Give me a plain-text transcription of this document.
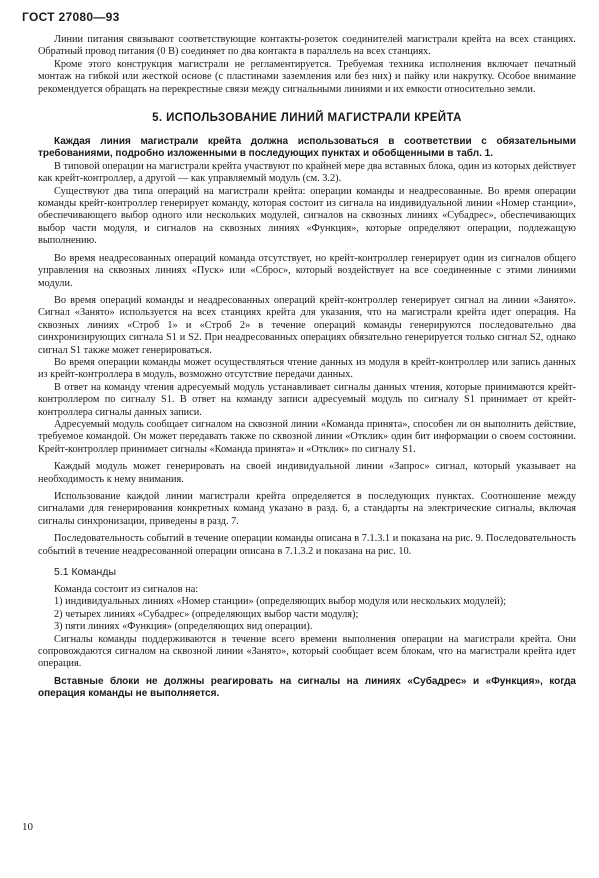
ГОСТ 27080—93

Линии питания связывают соответствующие контакты-розеток соединителей магистрали крейта на всех станциях. Обратный провод питания (0 В) соединяет по два контакта в параллель на всех станциях.

Кроме этого конструкция магистрали не регламентируется. Требуемая техника исполнения включает печатный монтаж на гибкой или жесткой основе (с пластинами заземления или без них) и пайку или накрутку. Особое внимание рекомендуется обращать на перекрестные связи между сигнальными линиями и их емкости относительно земли.

5. ИСПОЛЬЗОВАНИЕ ЛИНИЙ МАГИСТРАЛИ КРЕЙТА

Каждая линия магистрали крейта должна использоваться в соответствии с обязательными требованиями, подробно изложенными в последующих пунктах и обобщенными в табл. 1.

В типовой операции на магистрали крейта участвуют по крайней мере два вставных блока, один из которых действует как крейт-контроллер, а другой — как управляемый модуль (см. 3.2).

Существуют два типа операций на магистрали крейта: операции команды и неадресованные. Во время операции команды крейт-контроллер генерирует команду, которая состоит из сигнала на индивидуальной линии «Номер станции», обеспечивающего выбор одного или нескольких модулей, сигналов на сквозных линиях «Субадрес», обеспечивающих выбор части модуля, и сигналов на сквозных линиях «Функция», которые определяют операции, подлежащую выполнению.

Во время неадресованных операций команда отсутствует, но крейт-контроллер генерирует один из сигналов общего управления на сквозных линиях «Пуск» или «Сброс», который воздействует на все соединенные с этими линиями модули.

Во время операций команды и неадресованных операций крейт-контроллер генерирует сигнал на линии «Занято». Сигнал «Занято» используется на всех станциях крейта для указания, что на магистрали крейта идет операция. На сквозных линиях «Строб 1» и «Строб 2» в течение операций команды генерируются последовательно два синхронизирующих сигнала S1 и S2. При неадресованных операциях обязательно генерируется только сигнал S2, однако сигнал S1 также может генерироваться.

Во время операции команды может осуществляться чтение данных из модуля в крейт-контроллер или запись данных из крейт-контроллера в модуль, возможно отсутствие передачи данных.

В ответ на команду чтения адресуемый модуль устанавливает сигналы данных чтения, которые принимаются крейт-контроллером по сигналу S1. В ответ на команду записи адресуемый модуль по сигналу S1 принимает от крейт-контроллера сигналы данных записи.

Адресуемый модуль сообщает сигналом на сквозной линии «Команда принята», способен ли он выполнить действие, требуемое командой. Он может передавать также по сквозной линии «Отклик» один бит информации о своем состоянии. Крейт-контроллер принимает сигналы «Команда принята» и «Отклик» по сигналу S1.

Каждый модуль может генерировать на своей индивидуальной линии «Запрос» сигнал, который указывает на необходимость к нему внимания.

Использование каждой линии магистрали крейта определяется в последующих пунктах. Соотношение между сигналами для генерирования конкретных команд указано в разд. 6, а стандарты на электрические сигналы, включая сигналы синхронизации, приведены в разд. 7.

Последовательность событий в течение операции команды описана в 7.1.3.1 и показана на рис. 9. Последовательность событий в течение неадресованной операции описана в 7.1.3.2 и показана на рис. 10.

5.1 Команды

Команда состоит из сигналов на:

1) индивидуальных линиях «Номер станции» (определяющих выбор модуля или нескольких модулей);

2) четырех линиях «Субадрес» (определяющих выбор части модуля);

3) пяти линиях «Функция» (определяющих вид операции).

Сигналы команды поддерживаются в течение всего времени выполнения операции на магистрали крейта. Они сопровождаются сигналом на сквозной линии «Занято», который сообщает всем блокам, что на магистрали крейта идет операция.

Вставные блоки не должны реагировать на сигналы на линиях «Субадрес» и «Функция», когда операция команды не выполняется.

10
